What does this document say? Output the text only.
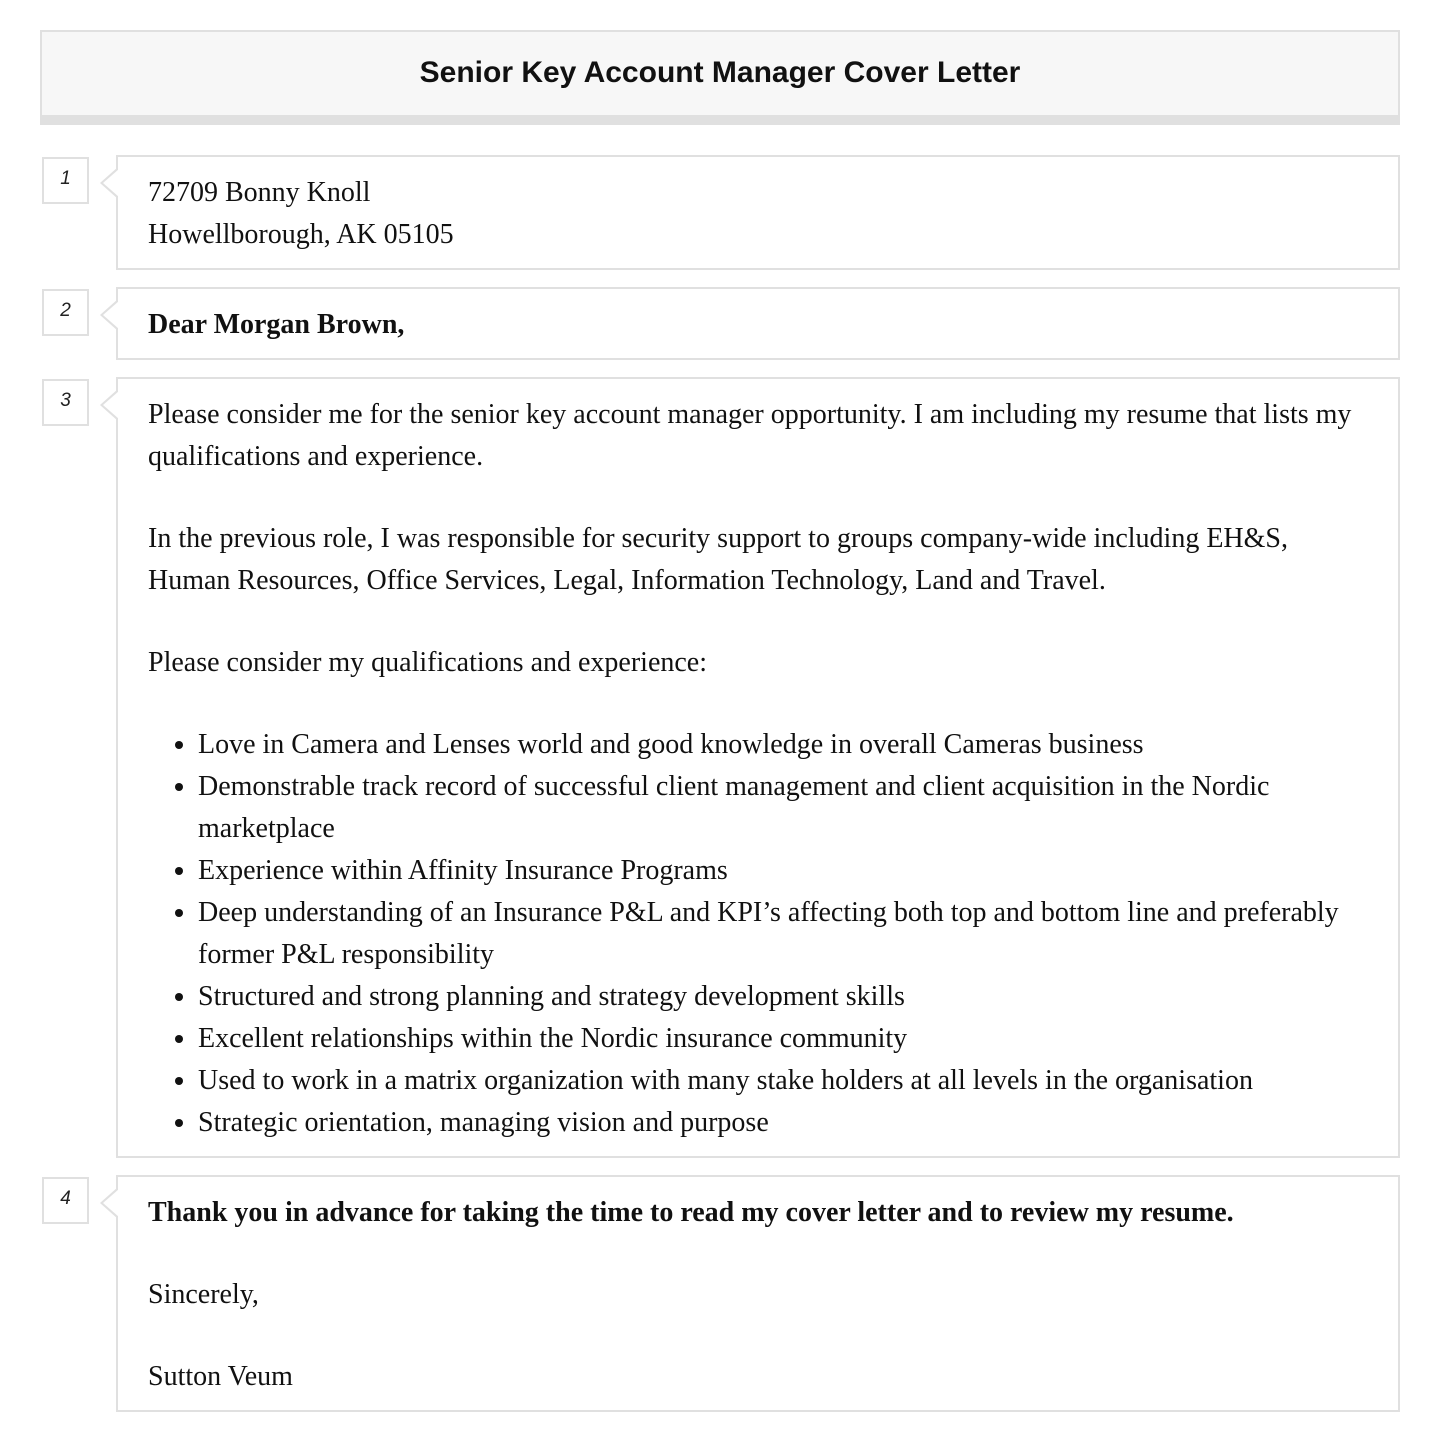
Senior Key Account Manager Cover Letter
1	72709 Bonny Knoll

Howellborough, AK 05105

2	Dear Morgan Brown,

3	Please consider me for the senior key account manager opportunity. I am including my resume that lists my qualifications and experience.

In the previous role, I was responsible for security support to groups company-wide including EH&S, Human Resources, Office Services, Legal, Information Technology, Land and Travel.

Please consider my qualifications and experience:

• Love in Camera and Lenses world and good knowledge in overall Cameras business
• Demonstrable track record of successful client management and client acquisition in the Nordic marketplace
• Experience within Affinity Insurance Programs
• Deep understanding of an Insurance P&L and KPI’s affecting both top and bottom line and preferably former P&L responsibility
• Structured and strong planning and strategy development skills
• Excellent relationships within the Nordic insurance community
• Used to work in a matrix organization with many stake holders at all levels in the organisation
• Strategic orientation, managing vision and purpose
4	Thank you in advance for taking the time to read my cover letter and to review my resume.

Sincerely,

Sutton Veum
